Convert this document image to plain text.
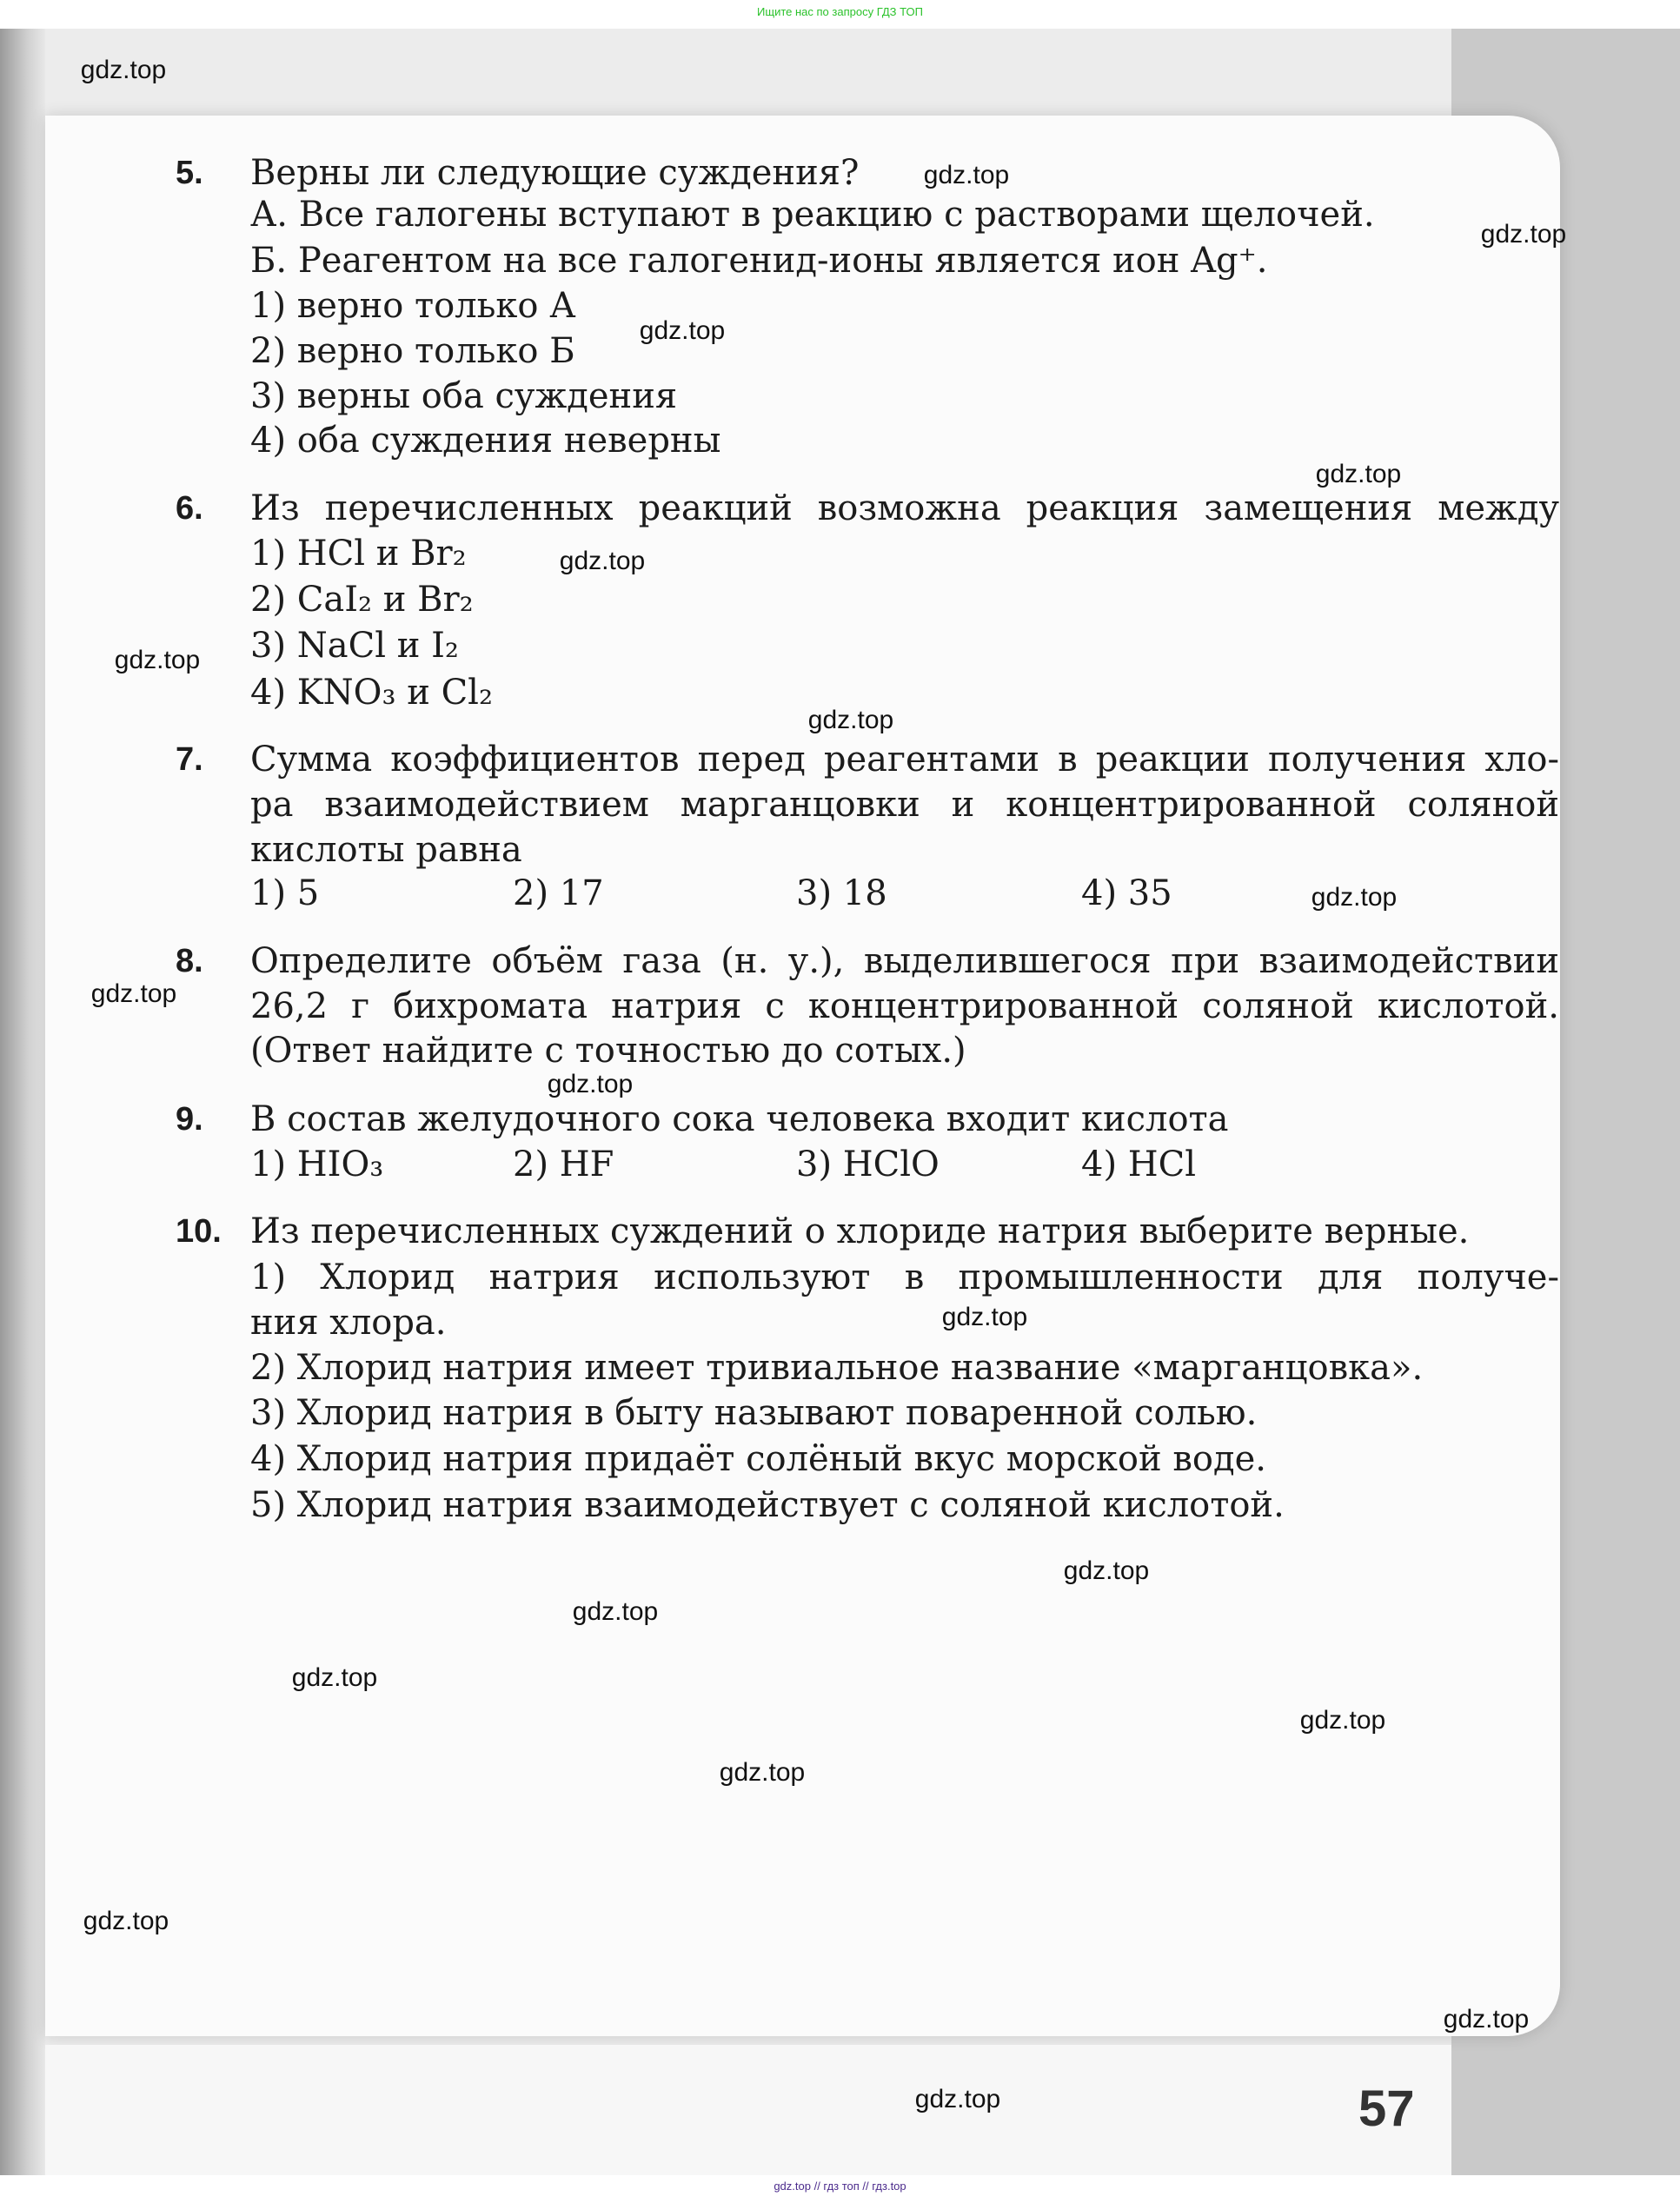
Ищите нас по запросу ГДЗ ТОП
5. Верны ли следующие суждения?
А. Все галогены вступают в реакцию с растворами щелочей.
Б. Реагентом на все галогенид-ионы является ион Ag⁺.
1) верно только А
2) верно только Б
3) верны оба суждения
4) оба суждения неверны
6. Из перечисленных реакций возможна реакция замещения между
1) HCl и Br₂
2) CaI₂ и Br₂
3) NaCl и I₂
4) KNO₃ и Cl₂
7. Сумма коэффициентов перед реагентами в реакции получения хло-
ра взаимодействием марганцовки и концентрированной соляной
кислоты равна
1) 5	2) 17	3) 18	4) 35
8. Определите объём газа (н. у.), выделившегося при взаимодействии
26,2 г бихромата натрия с концентрированной соляной кислотой.
(Ответ найдите с точностью до сотых.)
9. В состав желудочного сока человека входит кислота
1) HIO₃	2) HF	3) HClO	4) HCl
10. Из перечисленных суждений о хлориде натрия выберите верные.
1) Хлорид натрия используют в промышленности для получе-
ния хлора.
2) Хлорид натрия имеет тривиальное название «марганцовка».
3) Хлорид натрия в быту называют поваренной солью.
4) Хлорид натрия придаёт солёный вкус морской воде.
5) Хлорид натрия взаимодействует с соляной кислотой.
57
gdz.top
gdz.top
gdz.top
gdz.top
gdz.top
gdz.top
gdz.top
gdz.top
gdz.top
gdz.top
gdz.top
gdz.top
gdz.top
gdz.top
gdz.top
gdz.top
gdz.top
gdz.top
gdz.top
gdz.top
gdz.top // гдз топ // гдз.top
